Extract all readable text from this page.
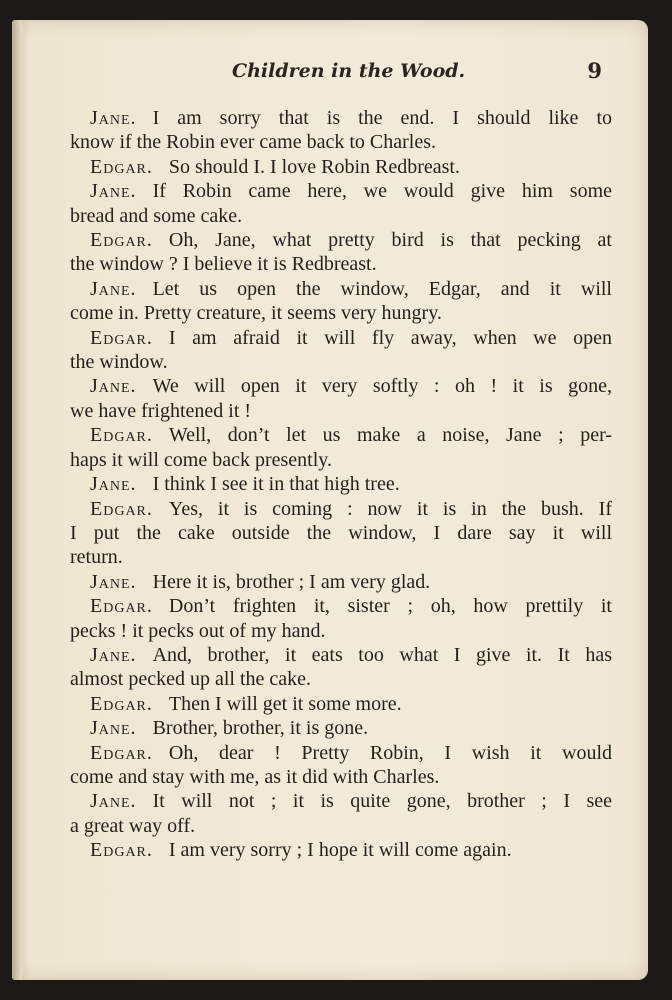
Children in the Wood.	9
Jane. I am sorry that is the end. I should like to
know if the Robin ever came back to Charles.
Edgar. So should I. I love Robin Redbreast.
Jane. If Robin came here, we would give him some
bread and some cake.
Edgar. Oh, Jane, what pretty bird is that pecking at
the window ? I believe it is Redbreast.
Jane. Let us open the window, Edgar, and it will
come in. Pretty creature, it seems very hungry.
Edgar. I am afraid it will fly away, when we open
the window.
Jane. We will open it very softly : oh ! it is gone,
we have frightened it !
Edgar. Well, don’t let us make a noise, Jane ; per-
haps it will come back presently.
Jane. I think I see it in that high tree.
Edgar. Yes, it is coming : now it is in the bush. If
I put the cake outside the window, I dare say it will
return.
Jane. Here it is, brother ; I am very glad.
Edgar. Don’t frighten it, sister ; oh, how prettily it
pecks ! it pecks out of my hand.
Jane. And, brother, it eats too what I give it. It has
almost pecked up all the cake.
Edgar. Then I will get it some more.
Jane. Brother, brother, it is gone.
Edgar. Oh, dear ! Pretty Robin, I wish it would
come and stay with me, as it did with Charles.
Jane. It will not ; it is quite gone, brother ; I see
a great way off.
Edgar. I am very sorry ; I hope it will come again.
